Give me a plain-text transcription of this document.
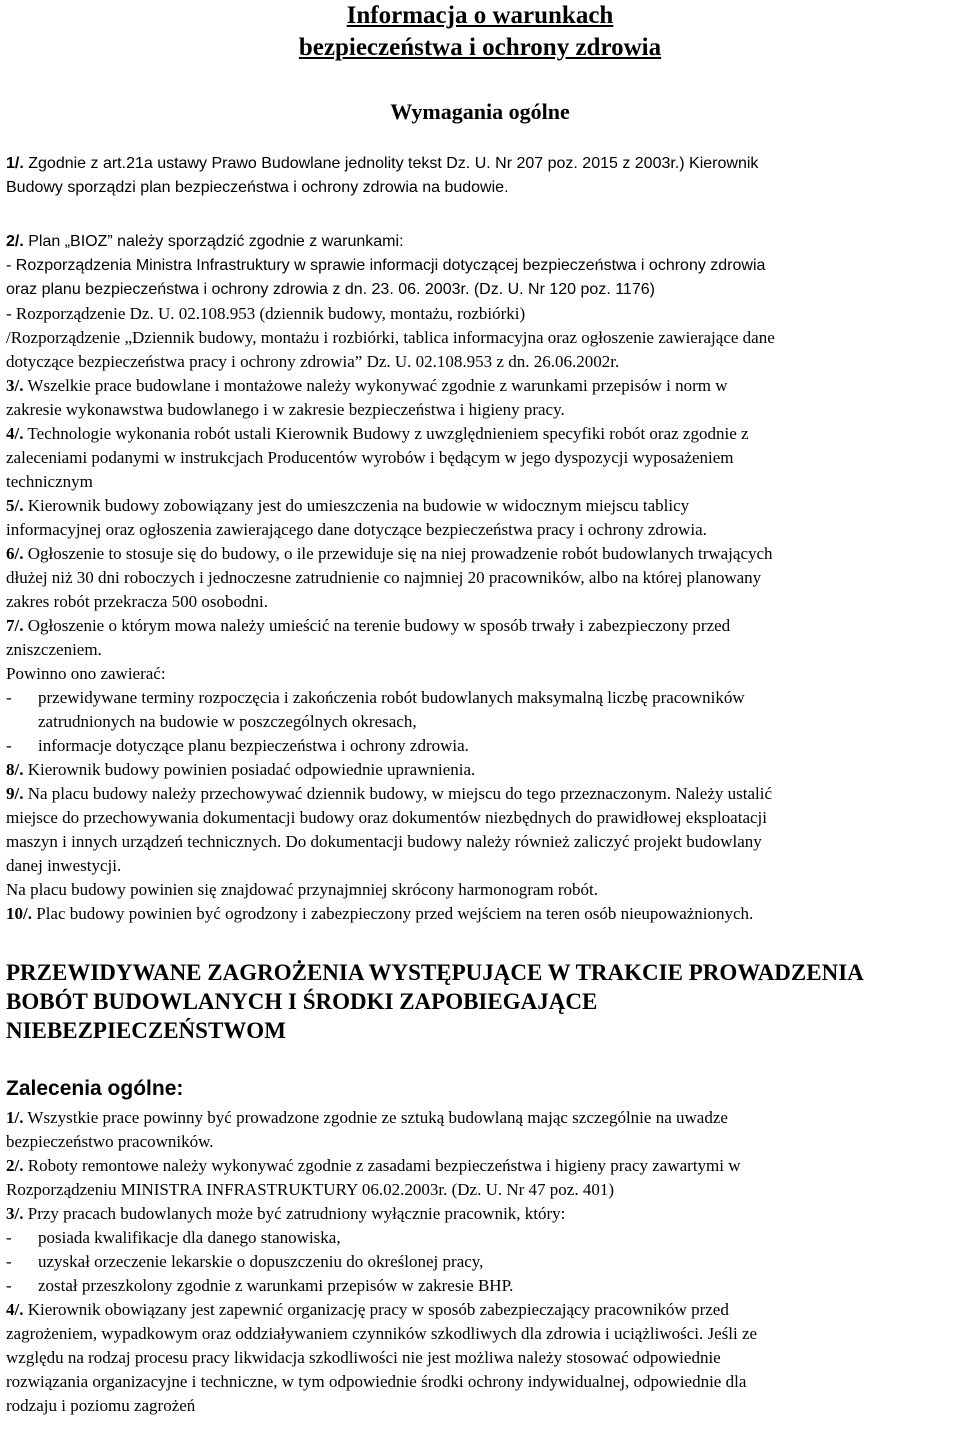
Informacja o warunkach
bezpieczeństwa i ochrony zdrowia
Wymagania ogólne
1/. Zgodnie z art.21a ustawy Prawo Budowlane jednolity tekst Dz. U. Nr 207 poz. 2015 z 2003r.) Kierownik
Budowy sporządzi plan bezpieczeństwa i ochrony zdrowia na budowie.
2/. Plan „BIOZ” należy sporządzić zgodnie z warunkami:
- Rozporządzenia Ministra Infrastruktury w sprawie informacji dotyczącej bezpieczeństwa i ochrony zdrowia
oraz planu bezpieczeństwa i ochrony zdrowia z dn. 23. 06. 2003r. (Dz. U. Nr 120 poz. 1176)
- Rozporządzenie Dz. U. 02.108.953 (dziennik budowy, montażu, rozbiórki)
/Rozporządzenie „Dziennik budowy, montażu i rozbiórki, tablica informacyjna oraz ogłoszenie zawierające dane
dotyczące bezpieczeństwa pracy i ochrony zdrowia” Dz. U. 02.108.953 z dn. 26.06.2002r.
3/. Wszelkie prace budowlane i montażowe należy wykonywać zgodnie z warunkami przepisów i norm w
zakresie wykonawstwa budowlanego i w zakresie bezpieczeństwa i higieny pracy.
4/. Technologie wykonania robót ustali Kierownik Budowy z uwzględnieniem specyfiki robót oraz zgodnie z
zaleceniami podanymi w instrukcjach Producentów wyrobów i będącym w jego dyspozycji wyposażeniem
technicznym
5/. Kierownik budowy zobowiązany jest do umieszczenia na budowie w widocznym miejscu tablicy
informacyjnej oraz ogłoszenia zawierającego dane dotyczące bezpieczeństwa pracy i ochrony zdrowia.
6/. Ogłoszenie to stosuje się do budowy, o ile przewiduje się na niej prowadzenie robót budowlanych trwających
dłużej niż 30 dni roboczych i jednoczesne zatrudnienie co najmniej 20 pracowników, albo na której planowany
zakres robót przekracza 500 osobodni.
7/. Ogłoszenie o którym mowa należy umieścić na terenie budowy w sposób trwały i zabezpieczony przed
zniszczeniem.
Powinno ono zawierać:
- przewidywane terminy rozpoczęcia i zakończenia robót budowlanych maksymalną liczbę pracowników
zatrudnionych na budowie w poszczególnych okresach,
- informacje dotyczące planu bezpieczeństwa i ochrony zdrowia.
8/. Kierownik budowy powinien posiadać odpowiednie uprawnienia.
9/. Na placu budowy należy przechowywać dziennik budowy, w miejscu do tego przeznaczonym. Należy ustalić
miejsce do przechowywania dokumentacji budowy oraz dokumentów niezbędnych do prawidłowej eksploatacji
maszyn i innych urządzeń technicznych. Do dokumentacji budowy należy również zaliczyć projekt budowlany
danej inwestycji.
Na placu budowy powinien się znajdować przynajmniej skrócony harmonogram robót.
10/. Plac budowy powinien być ogrodzony i zabezpieczony przed wejściem na teren osób nieupoważnionych.
PRZEWIDYWANE ZAGROŻENIA WYSTĘPUJĄCE W TRAKCIE PROWADZENIA
BOBÓT BUDOWLANYCH I ŚRODKI ZAPOBIEGAJĄCE
NIEBEZPIECZEŃSTWOM
Zalecenia ogólne:
1/. Wszystkie prace powinny być prowadzone zgodnie ze sztuką budowlaną mając szczególnie na uwadze
bezpieczeństwo pracowników.
2/. Roboty remontowe należy wykonywać zgodnie z zasadami bezpieczeństwa i higieny pracy zawartymi w
Rozporządzeniu MINISTRA INFRASTRUKTURY 06.02.2003r. (Dz. U. Nr 47 poz. 401)
3/. Przy pracach budowlanych może być zatrudniony wyłącznie pracownik, który:
- posiada kwalifikacje dla danego stanowiska,
- uzyskał orzeczenie lekarskie o dopuszczeniu do określonej pracy,
- został przeszkolony zgodnie z warunkami przepisów w zakresie BHP.
4/. Kierownik obowiązany jest zapewnić organizację pracy w sposób zabezpieczający pracowników przed
zagrożeniem, wypadkowym oraz oddziaływaniem czynników szkodliwych dla zdrowia i uciążliwości. Jeśli ze
względu na rodzaj procesu pracy likwidacja szkodliwości nie jest możliwa należy stosować odpowiednie
rozwiązania organizacyjne i techniczne, w tym odpowiednie środki ochrony indywidualnej, odpowiednie dla
rodzaju i poziomu zagrożeń
